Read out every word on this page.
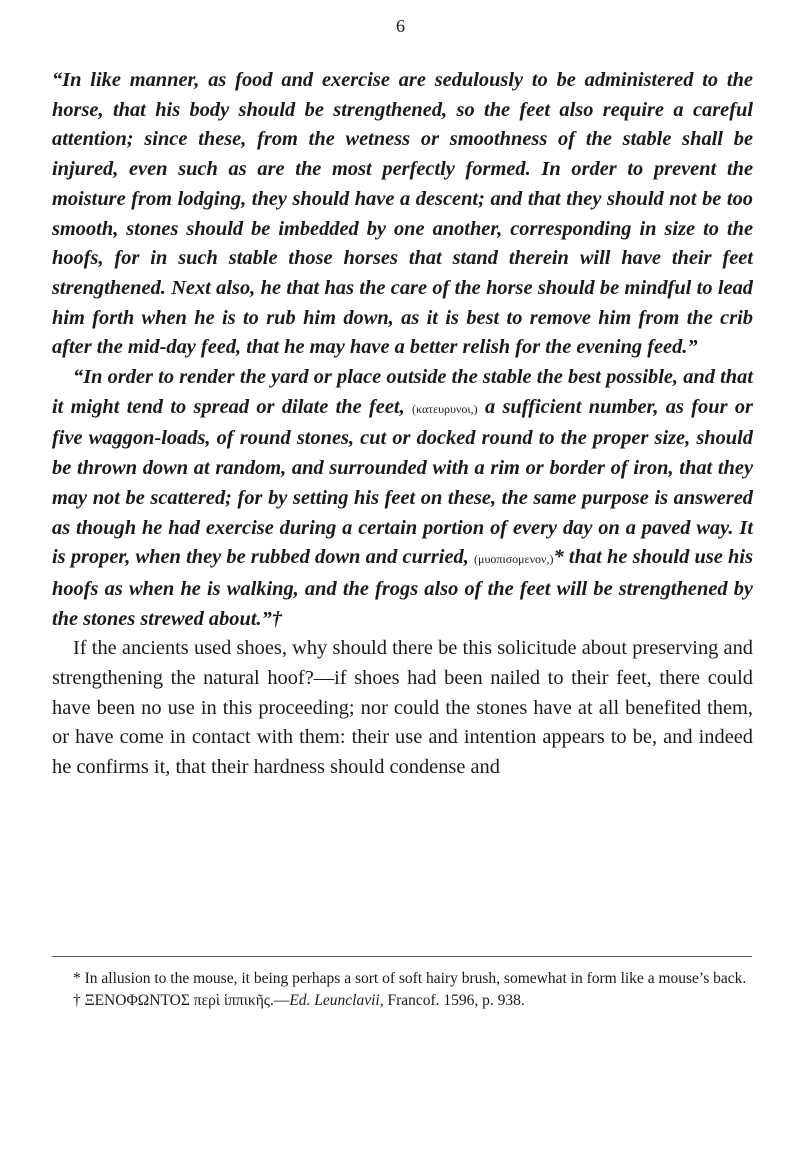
6

“In like manner, as food and exercise are sedulously to be administered to the horse, that his body should be strengthened, so the feet also require a careful attention; since these, from the wetness or smoothness of the stable shall be injured, even such as are the most perfectly formed. In order to prevent the moisture from lodging, they should have a descent; and that they should not be too smooth, stones should be imbedded by one another, corresponding in size to the hoofs, for in such stable those horses that stand therein will have their feet strengthened. Next also, he that has the care of the horse should be mindful to lead him forth when he is to rub him down, as it is best to remove him from the crib after the mid-day feed, that he may have a better relish for the evening feed.”

“In order to render the yard or place outside the stable the best possible, and that it might tend to spread or dilate the feet, (κατευρυνοι,) a sufficient number, as four or five waggon-loads, of round stones, cut or docked round to the proper size, should be thrown down at random, and surrounded with a rim or border of iron, that they may not be scattered; for by setting his feet on these, the same purpose is answered as though he had exercise during a certain portion of every day on a paved way. It is proper, when they be rubbed down and curried, (μυοπισομενον,)* that he should use his hoofs as when he is walking, and the frogs also of the feet will be strengthened by the stones strewed about.”†

If the ancients used shoes, why should there be this solicitude about preserving and strengthening the natural hoof?—if shoes had been nailed to their feet, there could have been no use in this proceeding; nor could the stones have at all benefited them, or have come in contact with them: their use and intention appears to be, and indeed he confirms it, that their hardness should condense and

* In allusion to the mouse, it being perhaps a sort of soft hairy brush, somewhat in form like a mouse’s back.

† ΞΕΝΟΦΩΝΤΟΣ περὶ ἱππικῆς.—Ed. Leunclavii, Francof. 1596, p. 938.
